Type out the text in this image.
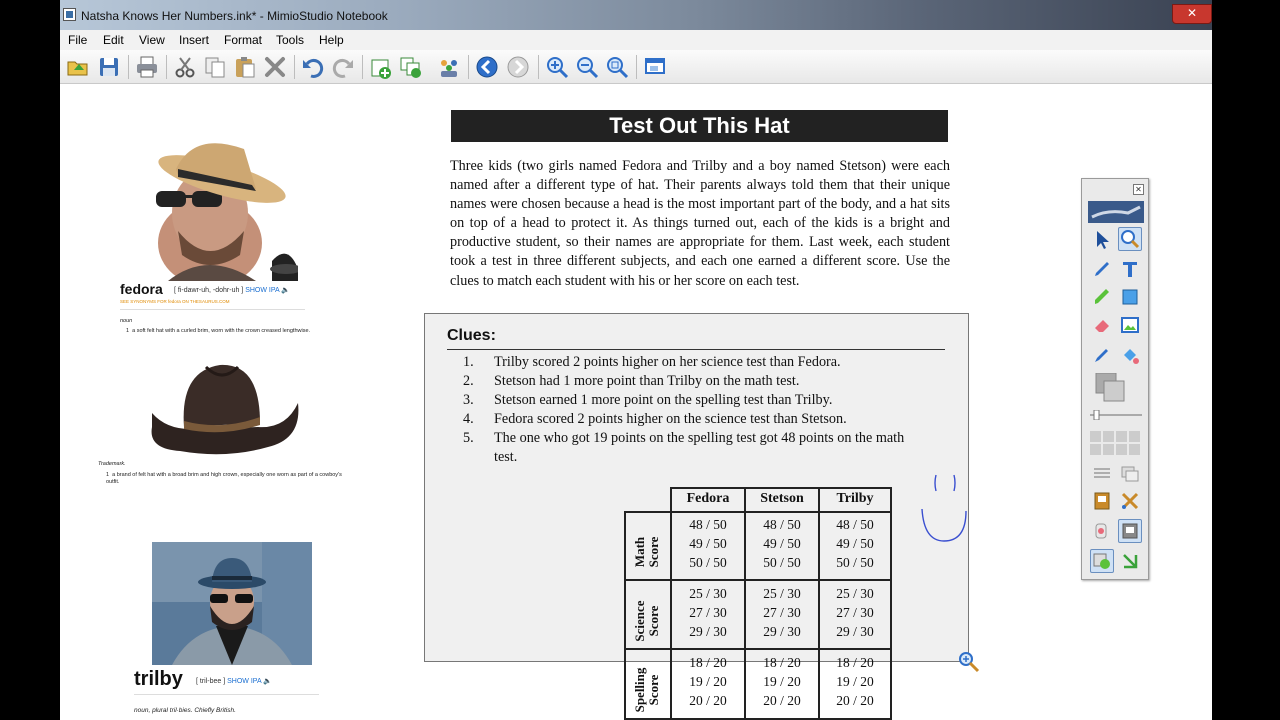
Natsha Knows Her Numbers.ink* - MimioStudio Notebook
✕
File Edit View Insert Format Tools Help
fedora [ fi-dawr-uh, -dohr-uh ] SHOW IPA 🔈
SEE SYNONYMS FOR fedora ON THESAURUS.COM
noun
1  a soft felt hat with a curled brim, worn with the crown creased lengthwise.
Trademark.
1  a brand of felt hat with a broad brim and high crown, especially one worn as part of a cowboy's outfit.
trilby [ tril-bee ] SHOW IPA 🔈
noun, plural tril·bies. Chiefly British.
Test Out This Hat
Three kids (two girls named Fedora and Trilby and a boy named Stetson) were each named after a different type of hat. Their parents always told them that their unique names were chosen because a head is the most important part of the body, and a hat sits on top of a head to protect it. As things turned out, each of the kids is a bright and productive student, so their names are appropriate for them. Last week, each student took a test in three different subjects, and each one earned a different score. Use the clues to match each student with his or her score on each test.
Clues:
1. Trilby scored 2 points higher on her science test than Fedora.
2. Stetson had 1 more point than Trilby on the math test.
3. Stetson earned 1 more point on the spelling test than Trilby.
4. Fedora scored 2 points higher on the science test than Stetson.
5. The one who got 19 points on the spelling test got 48 points on the math
test.
Fedora	Stetson	Trilby
Math
Score
Science
Score
Spelling
Score
48 / 50
49 / 50
50 / 50
48 / 50
49 / 50
50 / 50
48 / 50
49 / 50
50 / 50
25 / 30
27 / 30
29 / 30
25 / 30
27 / 30
29 / 30
25 / 30
27 / 30
29 / 30
18 / 20
19 / 20
20 / 20
18 / 20
19 / 20
20 / 20
18 / 20
19 / 20
20 / 20
✕
